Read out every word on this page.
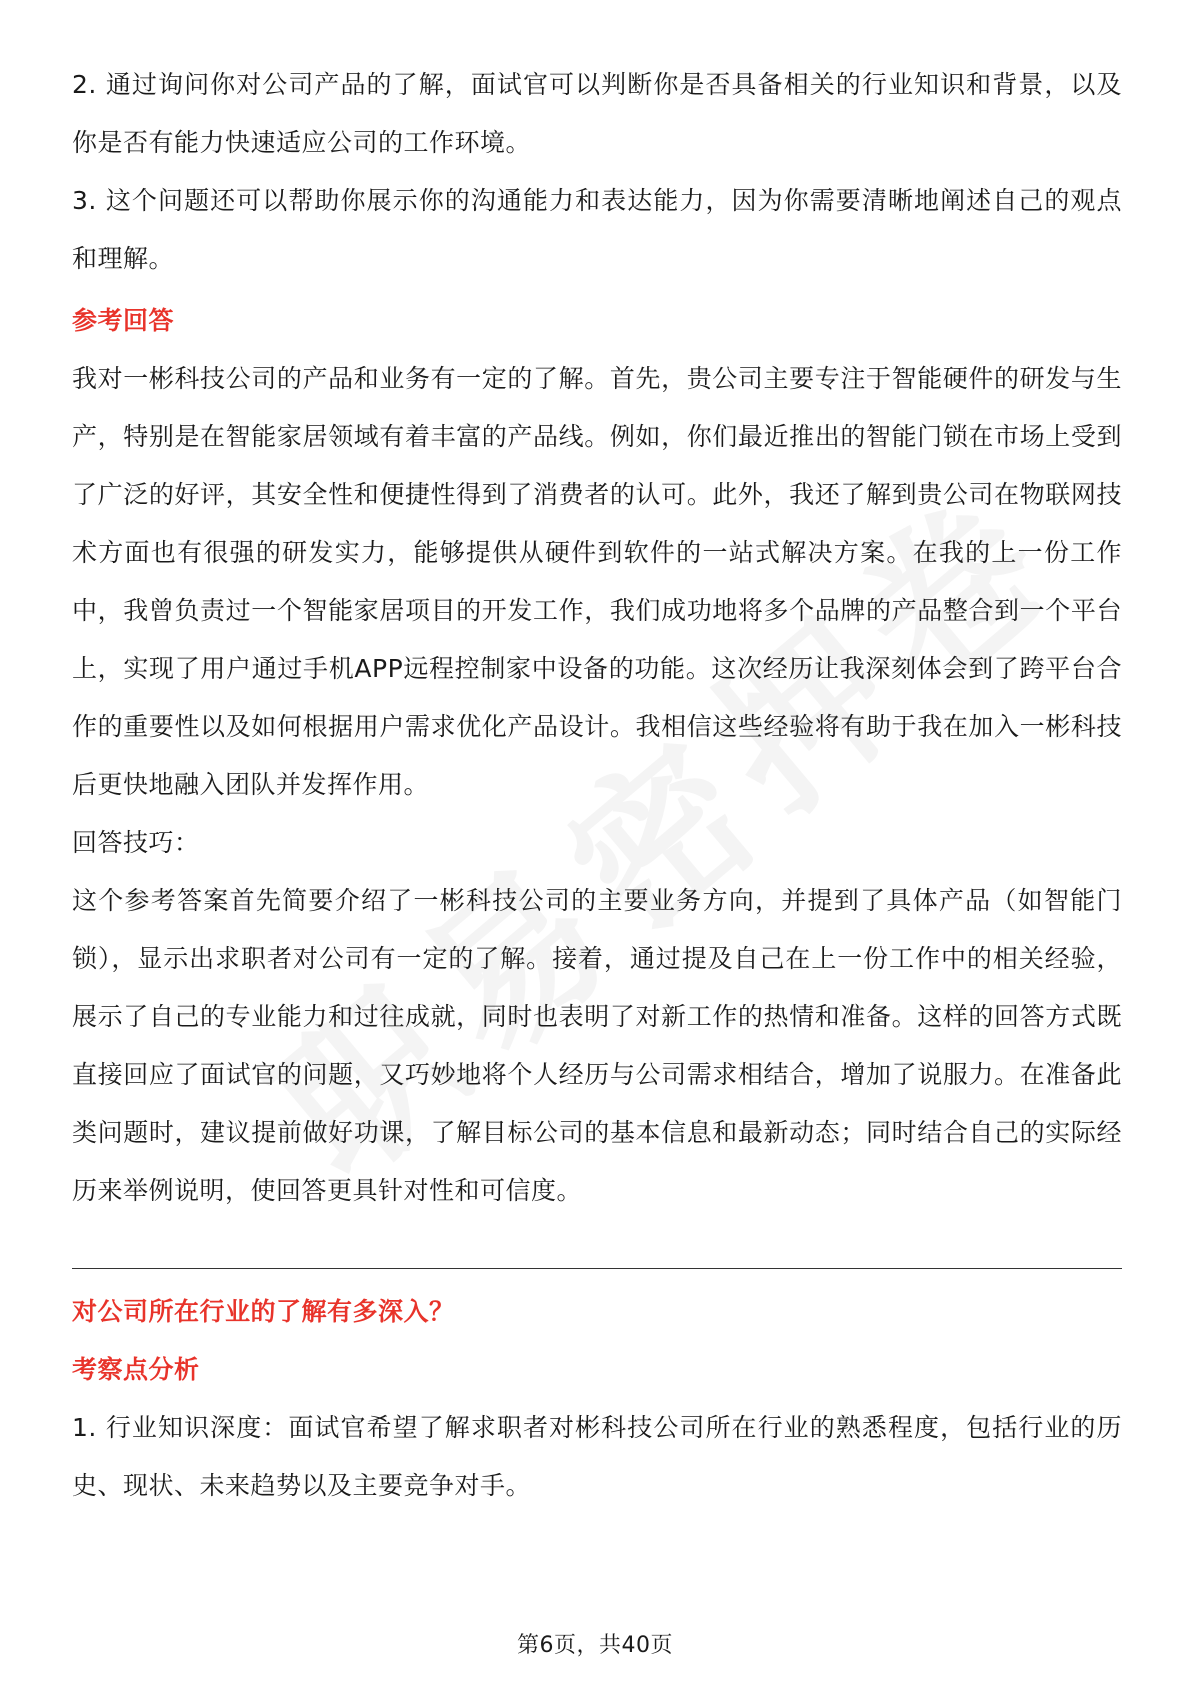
2. 通过询问你对公司产品的了解，面试官可以判断你是否具备相关的行业知识和背景，以及你是否有能力快速适应公司的工作环境。

3. 这个问题还可以帮助你展示你的沟通能力和表达能力，因为你需要清晰地阐述自己的观点和理解。

参考回答

我对一彬科技公司的产品和业务有一定的了解。首先，贵公司主要专注于智能硬件的研发与生产，特别是在智能家居领域有着丰富的产品线。例如，你们最近推出的智能门锁在市场上受到了广泛的好评，其安全性和便捷性得到了消费者的认可。此外，我还了解到贵公司在物联网技术方面也有很强的研发实力，能够提供从硬件到软件的一站式解决方案。在我的上一份工作中，我曾负责过一个智能家居项目的开发工作，我们成功地将多个品牌的产品整合到一个平台上，实现了用户通过手机APP远程控制家中设备的功能。这次经历让我深刻体会到了跨平台合作的重要性以及如何根据用户需求优化产品设计。我相信这些经验将有助于我在加入一彬科技后更快地融入团队并发挥作用。

回答技巧：

这个参考答案首先简要介绍了一彬科技公司的主要业务方向，并提到了具体产品（如智能门锁），显示出求职者对公司有一定的了解。接着，通过提及自己在上一份工作中的相关经验，展示了自己的专业能力和过往成就，同时也表明了对新工作的热情和准备。这样的回答方式既直接回应了面试官的问题，又巧妙地将个人经历与公司需求相结合，增加了说服力。在准备此类问题时，建议提前做好功课，了解目标公司的基本信息和最新动态；同时结合自己的实际经历来举例说明，使回答更具针对性和可信度。

对公司所在行业的了解有多深入？

考察点分析

1. 行业知识深度：面试官希望了解求职者对彬科技公司所在行业的熟悉程度，包括行业的历史、现状、未来趋势以及主要竞争对手。

第6页，共40页
